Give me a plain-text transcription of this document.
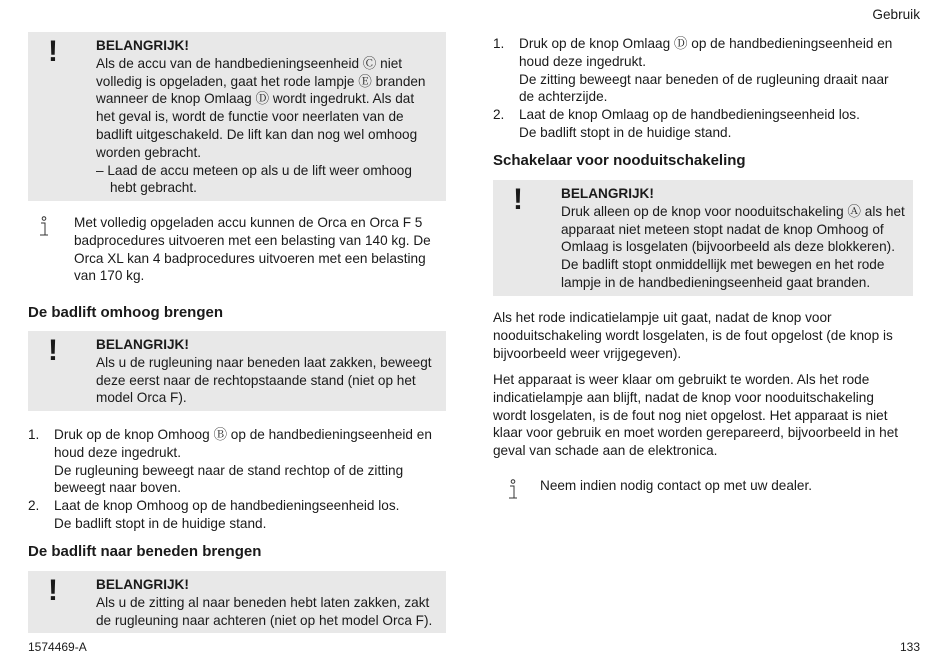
Gebruik
!	BELANGRIJK!
Als de accu van de handbedieningseenheid Ⓒ niet
volledig is opgeladen, gaat het rode lampje Ⓔ branden
wanneer de knop Omlaag Ⓓ wordt ingedrukt. Als dat
het geval is, wordt de functie voor neerlaten van de
badlift uitgeschakeld. De lift kan dan nog wel omhoog
worden gebracht.
– Laad de accu meteen op als u de lift weer omhoog
hebt gebracht.
Met volledig opgeladen accu kunnen de Orca en Orca F 5
badprocedures uitvoeren met een belasting van 140 kg. De
Orca XL kan 4 badprocedures uitvoeren met een belasting
van 170 kg.
De badlift omhoog brengen
!	BELANGRIJK!
Als u de rugleuning naar beneden laat zakken, beweegt
deze eerst naar de rechtopstaande stand (niet op het
model Orca F).
1. Druk op de knop Omhoog Ⓑ op de handbedieningseenheid en
houd deze ingedrukt.
De rugleuning beweegt naar de stand rechtop of de zitting
beweegt naar boven.
2. Laat de knop Omhoog op de handbedieningseenheid los.
De badlift stopt in de huidige stand.
De badlift naar beneden brengen
!	BELANGRIJK!
Als u de zitting al naar beneden hebt laten zakken, zakt
de rugleuning naar achteren (niet op het model Orca F).
1. Druk op de knop Omlaag Ⓓ op de handbedieningseenheid en
houd deze ingedrukt.
De zitting beweegt naar beneden of de rugleuning draait naar
de achterzijde.
2. Laat de knop Omlaag op de handbedieningseenheid los.
De badlift stopt in de huidige stand.
Schakelaar voor nooduitschakeling
!	BELANGRIJK!
Druk alleen op de knop voor nooduitschakeling Ⓐ als het
apparaat niet meteen stopt nadat de knop Omhoog of
Omlaag is losgelaten (bijvoorbeeld als deze blokkeren).
De badlift stopt onmiddellijk met bewegen en het rode
lampje in de handbedieningseenheid gaat branden.
Als het rode indicatielampje uit gaat, nadat de knop voor
nooduitschakeling wordt losgelaten, is de fout opgelost (de knop is
bijvoorbeeld weer vrijgegeven).
Het apparaat is weer klaar om gebruikt te worden. Als het rode
indicatielampje aan blijft, nadat de knop voor nooduitschakeling
wordt losgelaten, is de fout nog niet opgelost. Het apparaat is niet
klaar voor gebruik en moet worden gerepareerd, bijvoorbeeld in het
geval van schade aan de elektronica.
Neem indien nodig contact op met uw dealer.
1574469-A	133
